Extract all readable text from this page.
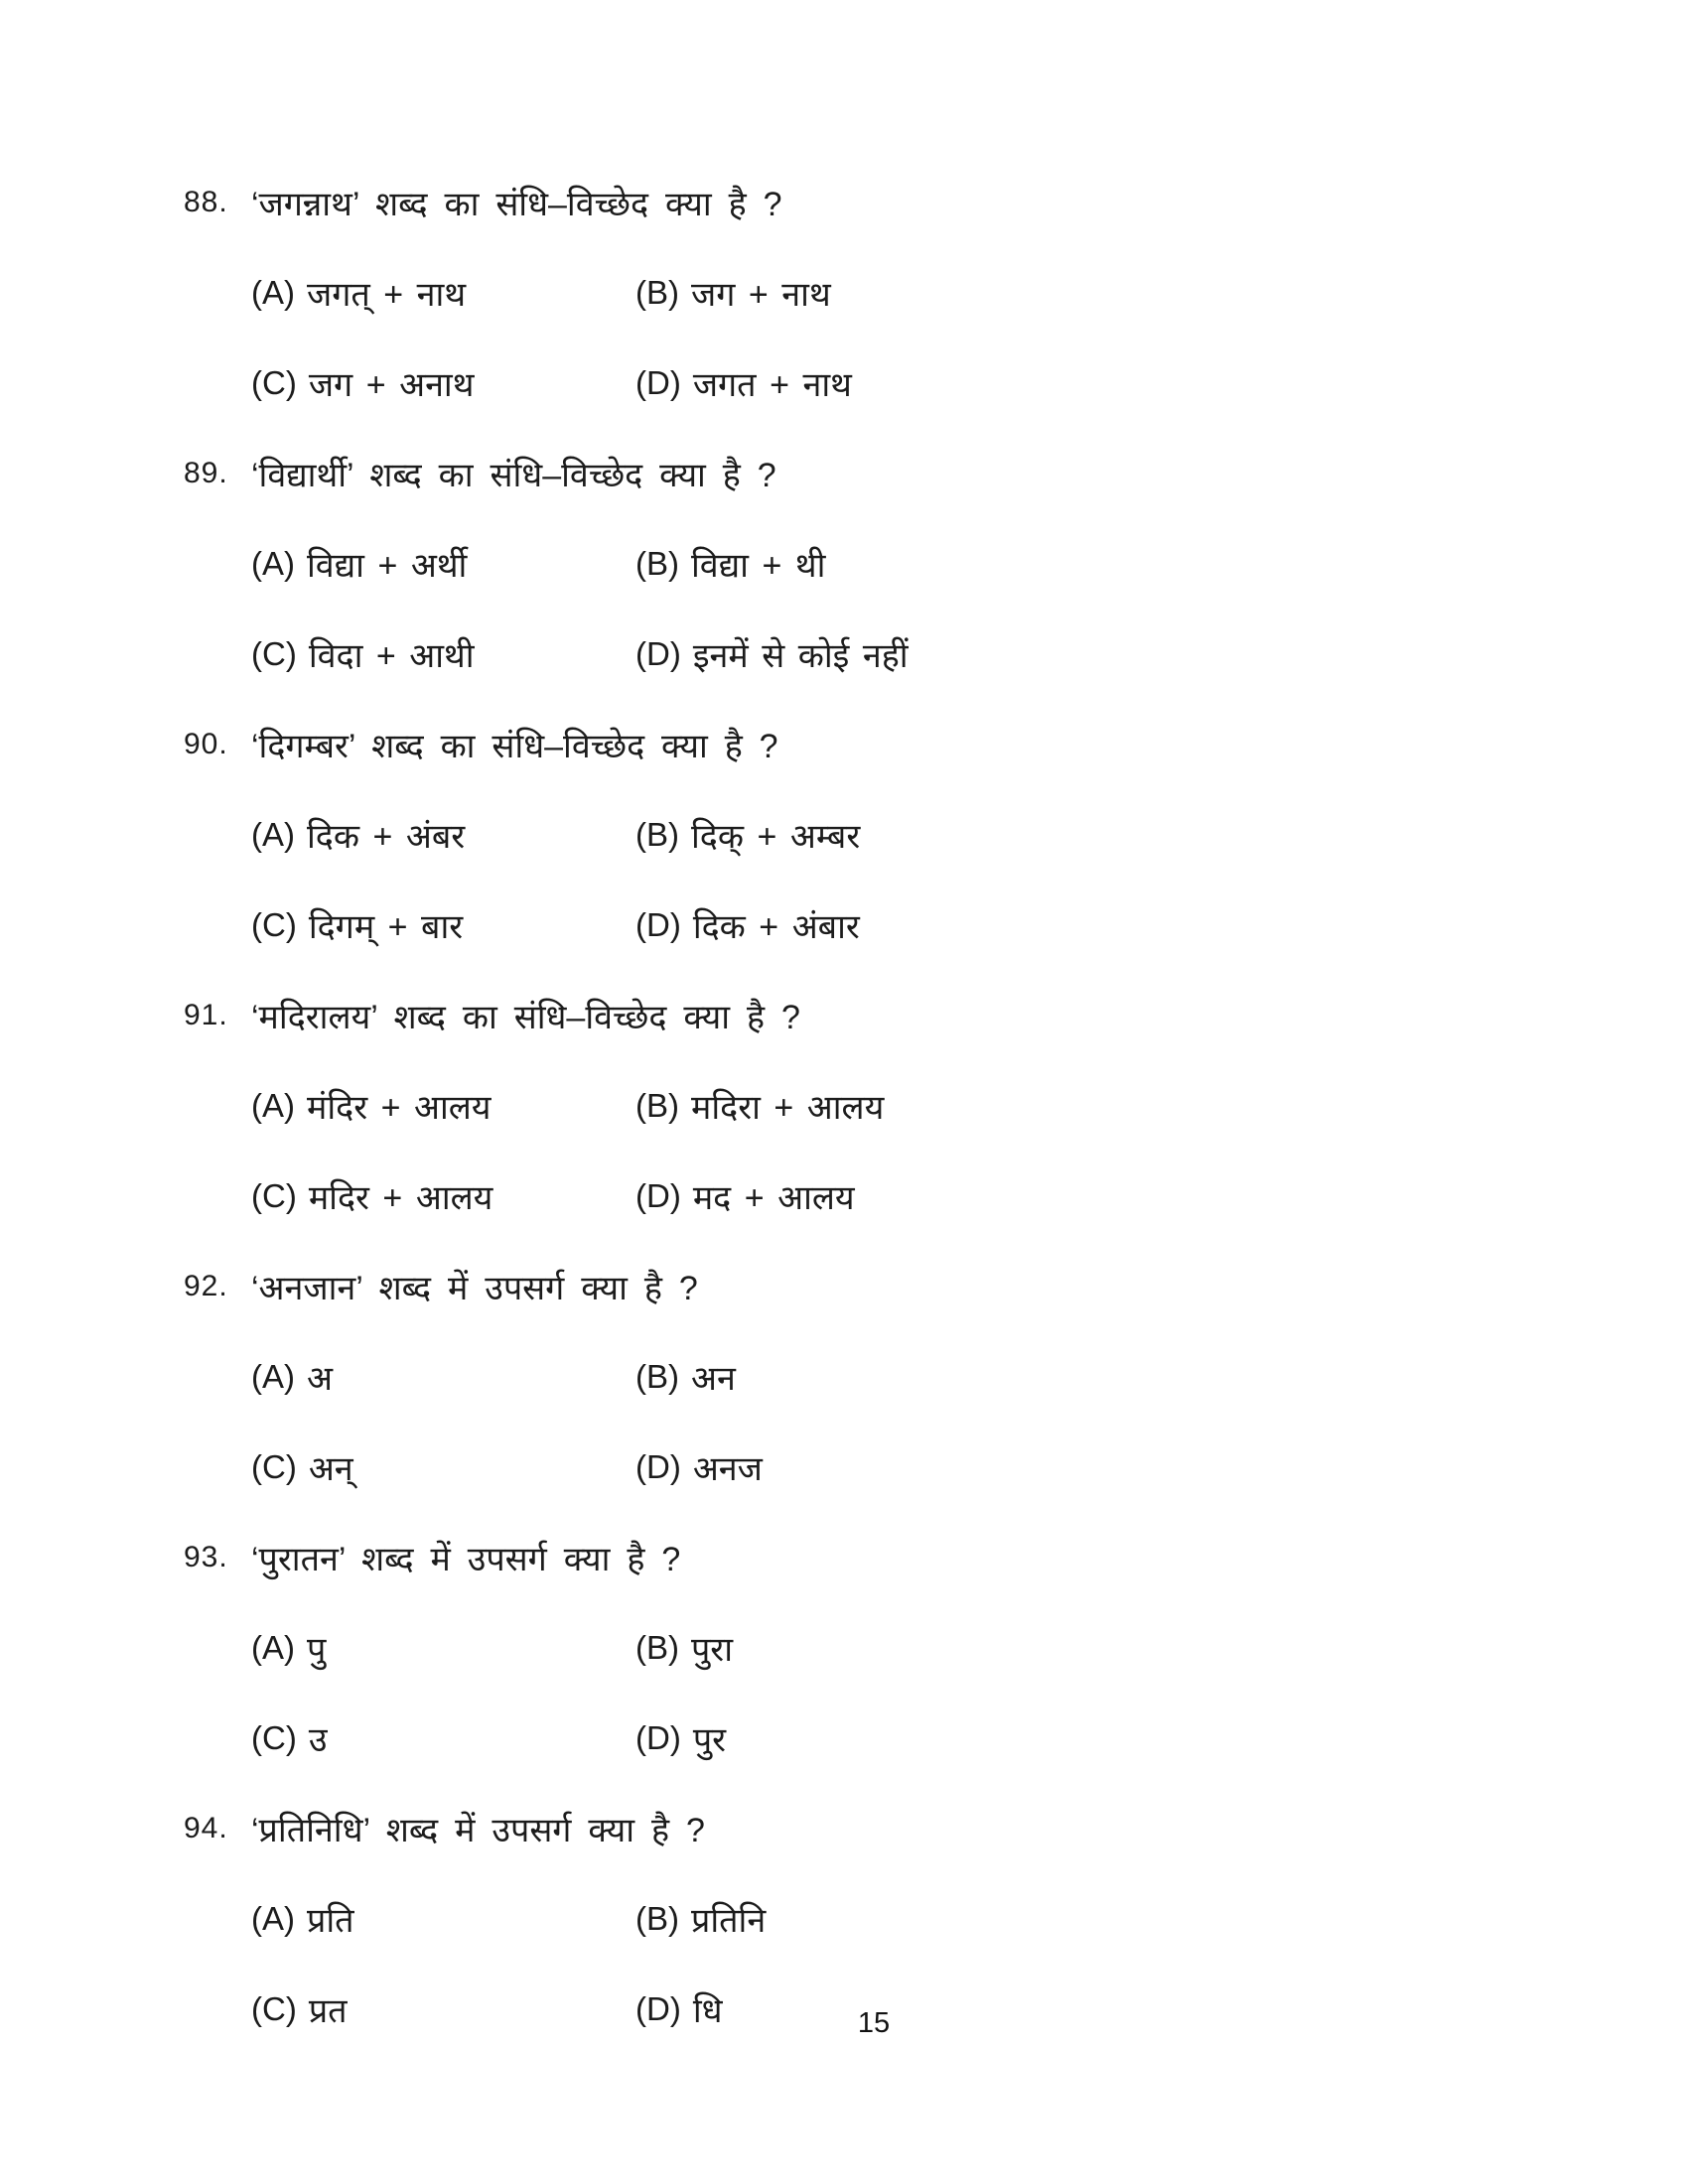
88. ‘जगन्नाथ’ शब्द का संधि–विच्छेद क्या है ?
(A) जगत् + नाथ	(B) जग + नाथ
(C) जग + अनाथ	(D) जगत + नाथ
89. ‘विद्यार्थी’ शब्द का संधि–विच्छेद क्या है ?
(A) विद्या + अर्थी	(B) विद्या + थी
(C) विदा + आथी	(D) इनमें से कोई नहीं
90. ‘दिगम्बर’ शब्द का संधि–विच्छेद क्या है ?
(A) दिक + अंबर	(B) दिक् + अम्बर
(C) दिगम् + बार	(D) दिक + अंबार
91. ‘मदिरालय’ शब्द का संधि–विच्छेद क्या है ?
(A) मंदिर + आलय	(B) मदिरा + आलय
(C) मदिर + आलय	(D) मद + आलय
92. ‘अनजान’ शब्द में उपसर्ग क्या है ?
(A) अ	(B) अन
(C) अन्	(D) अनज
93. ‘पुरातन’ शब्द में उपसर्ग क्या है ?
(A) पु	(B) पुरा
(C) उ	(D) पुर
94. ‘प्रतिनिधि’ शब्द में उपसर्ग क्या है ?
(A) प्रति	(B) प्रतिनि
(C) प्रत	(D) धि	15
